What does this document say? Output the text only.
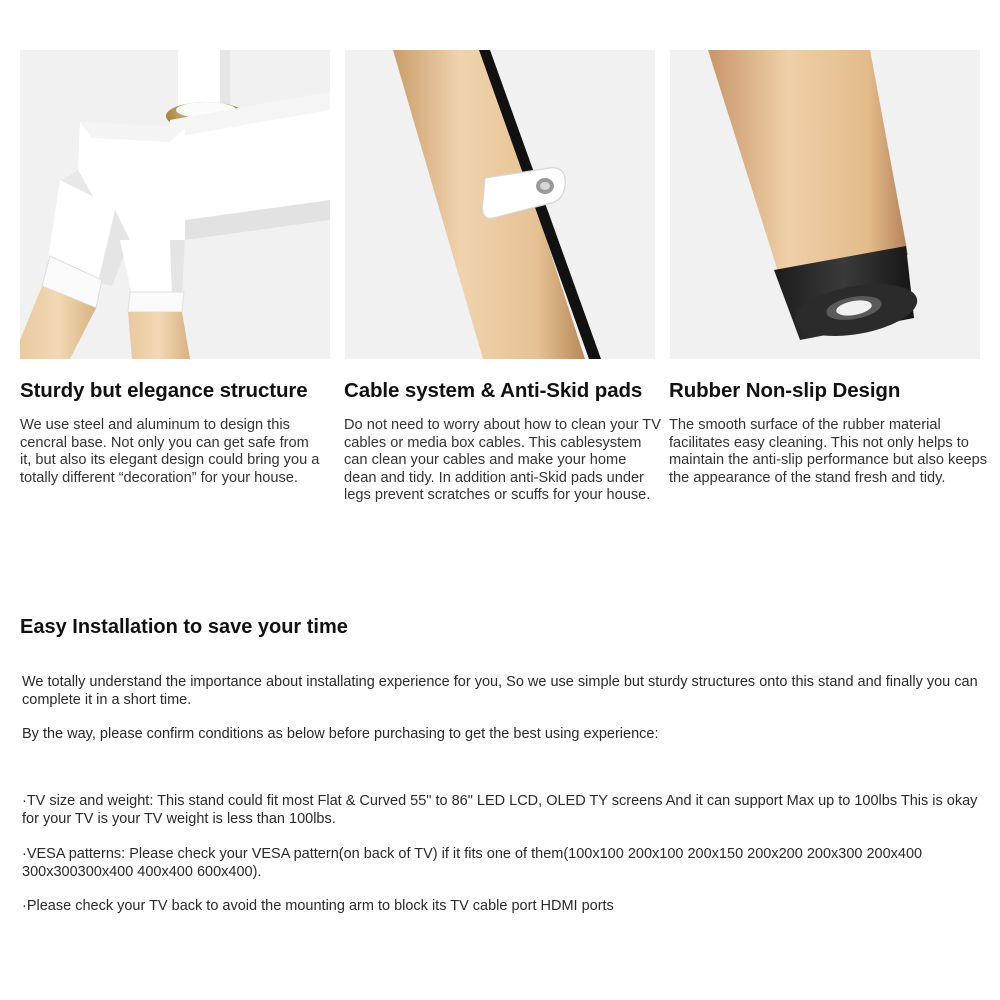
Sturdy but elegance structure

We use steel and aluminum to design this cencral base. Not only you can get safe from it, but also its elegant design could bring you a totally different “decoration” for your house.

Cable system & Anti-Skid pads

Do not need to worry about how to clean your TV cables or media box cables. This cablesystem can clean your cables and make your home dean and tidy. In addition anti-Skid pads under legs prevent scratches or scuffs for your house.

Rubber Non-slip Design

The smooth surface of the rubber material facilitates easy cleaning. This not only helps to maintain the anti-slip performance but also keeps the appearance of the stand fresh and tidy.

Easy Installation to save your time

We totally understand the importance about installating experience for you, So we use simple but sturdy structures onto this stand and finally you can complete it in a short time.

By the way, please confirm conditions as below before purchasing to get the best using experience:

·TV size and weight: This stand could fit most Flat & Curved 55" to 86" LED LCD, OLED TY screens And it can support Max up to 100lbs This is okay for your TV is your TV weight is less than 100lbs.

·VESA patterns: Please check your VESA pattern(on back of TV) if it fits one of them(100x100 200x100 200x150 200x200 200x300 200x400 300x300300x400 400x400 600x400).

·Please check your TV back to avoid the mounting arm to block its TV cable port HDMI ports
